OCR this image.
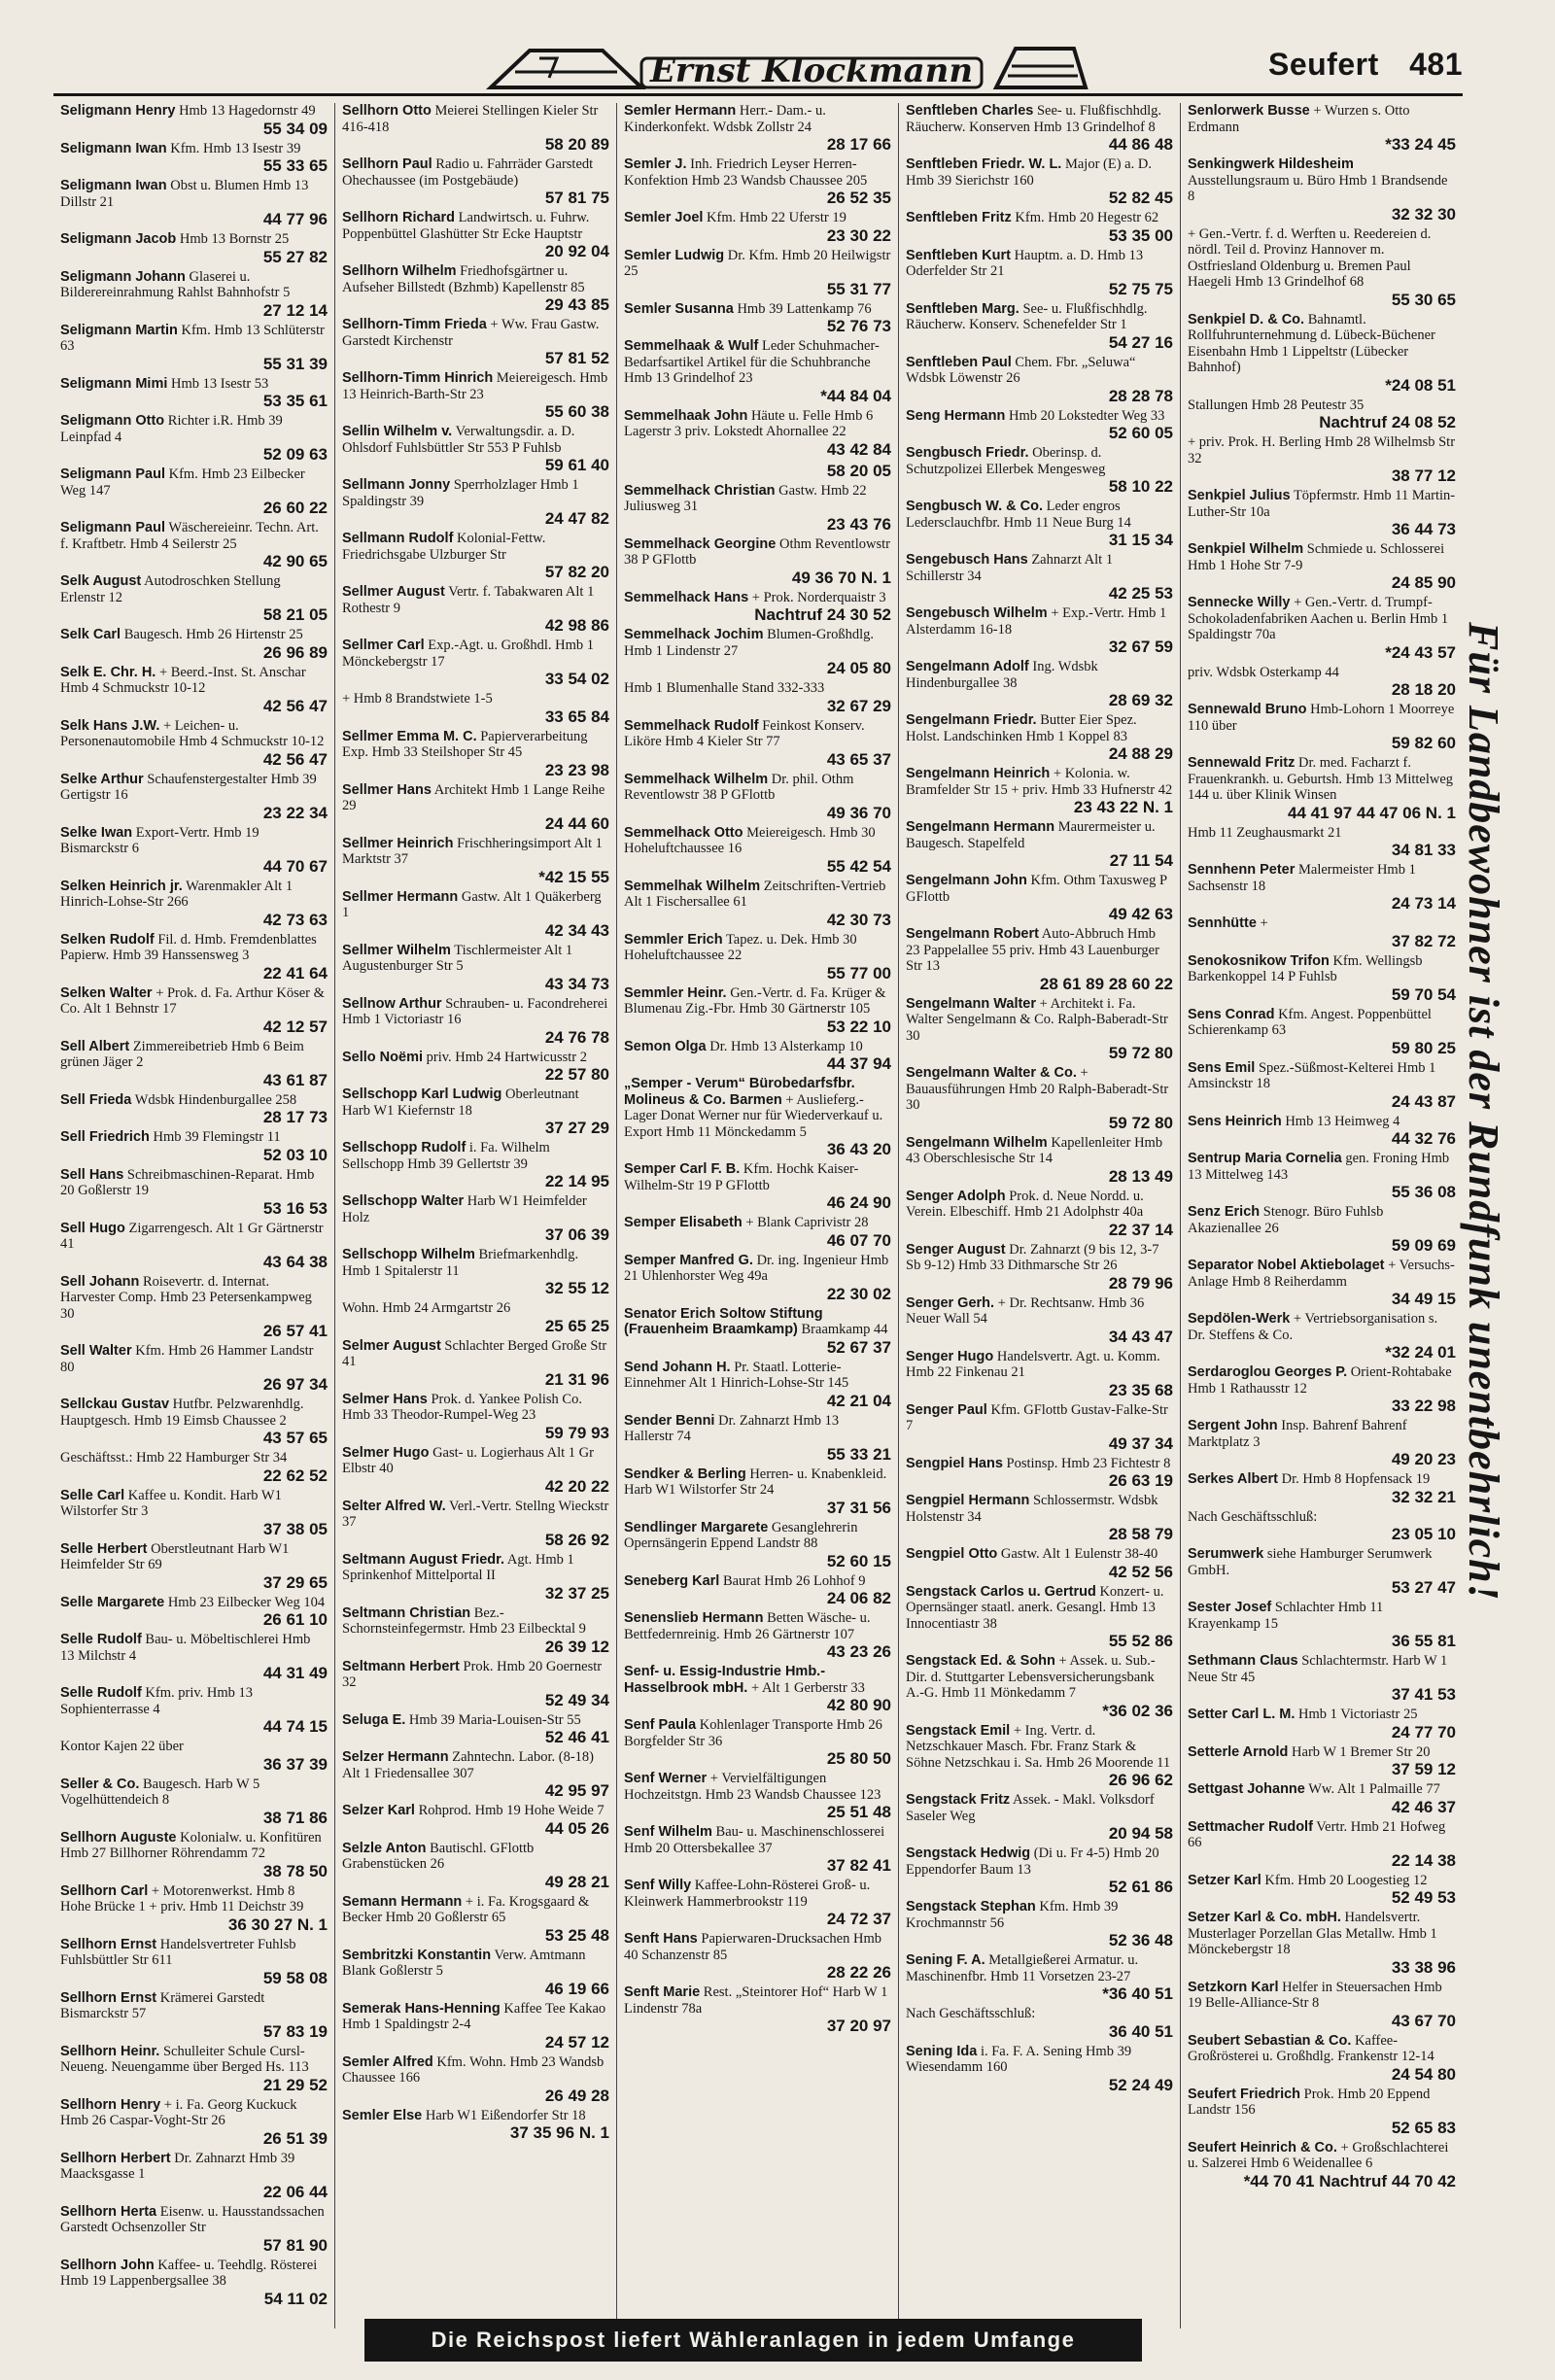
Ernst Klockmann	Seufert 481
Seligmann Henry Hmb 13 Hagedornstr 49
55 34 09
Seligmann Iwan Kfm. Hmb 13 Isestr 39
55 33 65
Seligmann Iwan Obst u. Blumen Hmb 13 Dillstr 21
44 77 96
Seligmann Jacob Hmb 13 Bornstr 25
55 27 82
Seligmann Johann Glaserei u. Bilderereinrahmung Rahlst Bahnhofstr 5
27 12 14
Seligmann Martin Kfm. Hmb 13 Schlüterstr 63
55 31 39
Seligmann Mimi Hmb 13 Isestr 53
53 35 61
Seligmann Otto Richter i.R. Hmb 39 Leinpfad 4
52 09 63
Seligmann Paul Kfm. Hmb 23 Eilbecker Weg 147
26 60 22
Seligmann Paul Wäschereieinr. Techn. Art. f. Kraftbetr. Hmb 4 Seilerstr 25
42 90 65
Selk August Autodroschken Stellung Erlenstr 12
58 21 05
Selk Carl Baugesch. Hmb 26 Hirtenstr 25
26 96 89
Selk E. Chr. H. + Beerd.-Inst. St. Anschar Hmb 4 Schmuckstr 10-12
42 56 47
Selk Hans J.W. + Leichen- u. Personenautomobile Hmb 4 Schmuckstr 10-12
42 56 47
Selke Arthur Schaufenstergestalter Hmb 39 Gertigstr 16
23 22 34
Selke Iwan Export-Vertr. Hmb 19 Bismarckstr 6
44 70 67
Selken Heinrich jr. Warenmakler Alt 1 Hinrich-Lohse-Str 266
42 73 63
Selken Rudolf Fil. d. Hmb. Fremdenblattes Papierw. Hmb 39 Hanssensweg 3
22 41 64
Selken Walter + Prok. d. Fa. Arthur Köser & Co. Alt 1 Behnstr 17
42 12 57
Sell Albert Zimmereibetrieb Hmb 6 Beim grünen Jäger 2
43 61 87
Sell Frieda Wdsbk Hindenburgallee 258
28 17 73
Sell Friedrich Hmb 39 Flemingstr 11
52 03 10
Sell Hans Schreibmaschinen-Reparat. Hmb 20 Goßlerstr 19
53 16 53
Sell Hugo Zigarrengesch. Alt 1 Gr Gärtnerstr 41
43 64 38
Sell Johann Roisevertr. d. Internat. Harvester Comp. Hmb 23 Petersenkampweg 30
26 57 41
Sell Walter Kfm. Hmb 26 Hammer Landstr 80
26 97 34
Sellckau Gustav Hutfbr. Pelzwarenhdlg. Hauptgesch. Hmb 19 Eimsb Chaussee 2
43 57 65
Geschäftsst.: Hmb 22 Hamburger Str 34
22 62 52
Selle Carl Kaffee u. Kondit. Harb W1 Wilstorfer Str 3
37 38 05
Selle Herbert Oberstleutnant Harb W1 Heimfelder Str 69
37 29 65
Selle Margarete Hmb 23 Eilbecker Weg 104
26 61 10
Selle Rudolf Bau- u. Möbeltischlerei Hmb 13 Milchstr 4
44 31 49
Selle Rudolf Kfm. priv. Hmb 13 Sophienterrasse 4
44 74 15
Kontor Kajen 22 über
36 37 39
Seller & Co. Baugesch. Harb W 5 Vogelhüttendeich 8
38 71 86
Sellhorn Auguste Kolonialw. u. Konfitüren Hmb 27 Billhorner Röhrendamm 72
38 78 50
Sellhorn Carl + Motorenwerkst. Hmb 8 Hohe Brücke 1 + priv. Hmb 11 Deichstr 39
36 30 27 N. 1
Sellhorn Ernst Handelsvertreter Fuhlsb Fuhlsbüttler Str 611
59 58 08
Sellhorn Ernst Krämerei Garstedt Bismarckstr 57
57 83 19
Sellhorn Heinr. Schulleiter Schule Cursl-Neueng. Neuengamme über Berged Hs. 113
21 29 52
Sellhorn Henry + i. Fa. Georg Kuckuck Hmb 26 Caspar-Voght-Str 26
26 51 39
Sellhorn Herbert Dr. Zahnarzt Hmb 39 Maacksgasse 1
22 06 44
Sellhorn Herta Eisenw. u. Hausstandssachen Garstedt Ochsenzoller Str
57 81 90
Sellhorn John Kaffee- u. Teehdlg. Rösterei Hmb 19 Lappenbergsallee 38
54 11 02
Sellhorn Otto Meierei Stellingen Kieler Str 416-418
58 20 89
Sellhorn Paul Radio u. Fahrräder Garstedt Ohechaussee (im Postgebäude)
57 81 75
Sellhorn Richard Landwirtsch. u. Fuhrw. Poppenbüttel Glashütter Str Ecke Hauptstr
20 92 04
Sellhorn Wilhelm Friedhofsgärtner u. Aufseher Billstedt (Bzhmb) Kapellenstr 85
29 43 85
Sellhorn-Timm Frieda + Ww. Frau Gastw. Garstedt Kirchenstr
57 81 52
Sellhorn-Timm Hinrich Meiereigesch. Hmb 13 Heinrich-Barth-Str 23
55 60 38
Sellin Wilhelm v. Verwaltungsdir. a. D. Ohlsdorf Fuhlsbüttler Str 553 P Fuhlsb
59 61 40
Sellmann Jonny Sperrholzlager Hmb 1 Spaldingstr 39
24 47 82
Sellmann Rudolf Kolonial-Fettw. Friedrichsgabe Ulzburger Str
57 82 20
Sellmer August Vertr. f. Tabakwaren Alt 1 Rothestr 9
42 98 86
Sellmer Carl Exp.-Agt. u. Großhdl. Hmb 1 Mönckebergstr 17
33 54 02
+ Hmb 8 Brandstwiete 1-5
33 65 84
Sellmer Emma M. C. Papierverarbeitung Exp. Hmb 33 Steilshoper Str 45
23 23 98
Sellmer Hans Architekt Hmb 1 Lange Reihe 29
24 44 60
Sellmer Heinrich Frischheringsimport Alt 1 Marktstr 37
*42 15 55
Sellmer Hermann Gastw. Alt 1 Quäkerberg 1
42 34 43
Sellmer Wilhelm Tischlermeister Alt 1 Augustenburger Str 5
43 34 73
Sellnow Arthur Schrauben- u. Facondreherei Hmb 1 Victoriastr 16
24 76 78
Sello Noëmi priv. Hmb 24 Hartwicusstr 2
22 57 80
Sellschopp Karl Ludwig Oberleutnant Harb W1 Kiefernstr 18
37 27 29
Sellschopp Rudolf i. Fa. Wilhelm Sellschopp Hmb 39 Gellertstr 39
22 14 95
Sellschopp Walter Harb W1 Heimfelder Holz
37 06 39
Sellschopp Wilhelm Briefmarkenhdlg. Hmb 1 Spitalerstr 11
32 55 12
Wohn. Hmb 24 Armgartstr 26
25 65 25
Selmer August Schlachter Berged Große Str 41
21 31 96
Selmer Hans Prok. d. Yankee Polish Co. Hmb 33 Theodor-Rumpel-Weg 23
59 79 93
Selmer Hugo Gast- u. Logierhaus Alt 1 Gr Elbstr 40
42 20 22
Selter Alfred W. Verl.-Vertr. Stellng Wieckstr 37
58 26 92
Seltmann August Friedr. Agt. Hmb 1 Sprinkenhof Mittelportal II
32 37 25
Seltmann Christian Bez.-Schornsteinfegermstr. Hmb 23 Eilbecktal 9
26 39 12
Seltmann Herbert Prok. Hmb 20 Goernestr 32
52 49 34
Seluga E. Hmb 39 Maria-Louisen-Str 55
52 46 41
Selzer Hermann Zahntechn. Labor. (8-18) Alt 1 Friedensallee 307
42 95 97
Selzer Karl Rohprod. Hmb 19 Hohe Weide 7
44 05 26
Selzle Anton Bautischl. GFlottb Grabenstücken 26
49 28 21
Semann Hermann + i. Fa. Krogsgaard & Becker Hmb 20 Goßlerstr 65
53 25 48
Sembritzki Konstantin Verw. Amtmann Blank Goßlerstr 5
46 19 66
Semerak Hans-Henning Kaffee Tee Kakao Hmb 1 Spaldingstr 2-4
24 57 12
Semler Alfred Kfm. Wohn. Hmb 23 Wandsb Chaussee 166
26 49 28
Semler Else Harb W1 Eißendorfer Str 18
37 35 96 N. 1
Semler Hermann Herr.- Dam.- u. Kinderkonfekt. Wdsbk Zollstr 24
28 17 66
Semler J. Inh. Friedrich Leyser Herren-Konfektion Hmb 23 Wandsb Chaussee 205
26 52 35
Semler Joel Kfm. Hmb 22 Uferstr 19
23 30 22
Semler Ludwig Dr. Kfm. Hmb 20 Heilwigstr 25
55 31 77
Semler Susanna Hmb 39 Lattenkamp 76
52 76 73
Semmelhaak & Wulf Leder Schuhmacher-Bedarfsartikel Artikel für die Schuhbranche Hmb 13 Grindelhof 23
*44 84 04
Semmelhaak John Häute u. Felle Hmb 6 Lagerstr 3 priv. Lokstedt Ahornallee 22
43 42 84
58 20 05
Semmelhack Christian Gastw. Hmb 22 Juliusweg 31
23 43 76
Semmelhack Georgine Othm Reventlowstr 38 P GFlottb
49 36 70 N. 1
Semmelhack Hans + Prok. Norderquaistr 3
Nachtruf 24 30 52
Semmelhack Jochim Blumen-Großhdlg. Hmb 1 Lindenstr 27
24 05 80
Hmb 1 Blumenhalle Stand 332-333
32 67 29
Semmelhack Rudolf Feinkost Konserv. Liköre Hmb 4 Kieler Str 77
43 65 37
Semmelhack Wilhelm Dr. phil. Othm Reventlowstr 38 P GFlottb
49 36 70
Semmelhack Otto Meiereigesch. Hmb 30 Hoheluftchaussee 16
55 42 54
Semmelhak Wilhelm Zeitschriften-Vertrieb Alt 1 Fischersallee 61
42 30 73
Semmler Erich Tapez. u. Dek. Hmb 30 Hoheluftchaussee 22
55 77 00
Semmler Heinr. Gen.-Vertr. d. Fa. Krüger & Blumenau Zig.-Fbr. Hmb 30 Gärtnerstr 105
53 22 10
Semon Olga Dr. Hmb 13 Alsterkamp 10
44 37 94
„Semper - Verum“ Bürobedarfsfbr. Molineus & Co. Barmen + Auslieferg.-Lager Donat Werner nur für Wiederverkauf u. Export Hmb 11 Mönckedamm 5
36 43 20
Semper Carl F. B. Kfm. Hochk Kaiser-Wilhelm-Str 19 P GFlottb
46 24 90
Semper Elisabeth + Blank Caprivistr 28
46 07 70
Semper Manfred G. Dr. ing. Ingenieur Hmb 21 Uhlenhorster Weg 49a
22 30 02
Senator Erich Soltow Stiftung (Frauenheim Braamkamp) Braamkamp 44
52 67 37
Send Johann H. Pr. Staatl. Lotterie-Einnehmer Alt 1 Hinrich-Lohse-Str 145
42 21 04
Sender Benni Dr. Zahnarzt Hmb 13 Hallerstr 74
55 33 21
Sendker & Berling Herren- u. Knabenkleid. Harb W1 Wilstorfer Str 24
37 31 56
Sendlinger Margarete Gesanglehrerin Opernsängerin Eppend Landstr 88
52 60 15
Seneberg Karl Baurat Hmb 26 Lohhof 9
24 06 82
Senenslieb Hermann Betten Wäsche- u. Bettfedernreinig. Hmb 26 Gärtnerstr 107
43 23 26
Senf- u. Essig-Industrie Hmb.-Hasselbrook mbH. + Alt 1 Gerberstr 33
42 80 90
Senf Paula Kohlenlager Transporte Hmb 26 Borgfelder Str 36
25 80 50
Senf Werner + Vervielfältigungen Hochzeitstgn. Hmb 23 Wandsb Chaussee 123
25 51 48
Senf Wilhelm Bau- u. Maschinenschlosserei Hmb 20 Ottersbekallee 37
37 82 41
Senf Willy Kaffee-Lohn-Rösterei Groß- u. Kleinwerk Hammerbrookstr 119
24 72 37
Senft Hans Papierwaren-Drucksachen Hmb 40 Schanzenstr 85
28 22 26
Senft Marie Rest. „Steintorer Hof“ Harb W 1 Lindenstr 78a
37 20 97
Senftleben Charles See- u. Flußfischhdlg. Räucherw. Konserven Hmb 13 Grindelhof 8
44 86 48
Senftleben Friedr. W. L. Major (E) a. D. Hmb 39 Sierichstr 160
52 82 45
Senftleben Fritz Kfm. Hmb 20 Hegestr 62
53 35 00
Senftleben Kurt Hauptm. a. D. Hmb 13 Oderfelder Str 21
52 75 75
Senftleben Marg. See- u. Flußfischhdlg. Räucherw. Konserv. Schenefelder Str 1
54 27 16
Senftleben Paul Chem. Fbr. „Seluwa“ Wdsbk Löwenstr 26
28 28 78
Seng Hermann Hmb 20 Lokstedter Weg 33
52 60 05
Sengbusch Friedr. Oberinsp. d. Schutzpolizei Ellerbek Mengesweg
58 10 22
Sengbusch W. & Co. Leder engros Ledersclauchfbr. Hmb 11 Neue Burg 14
31 15 34
Sengebusch Hans Zahnarzt Alt 1 Schillerstr 34
42 25 53
Sengebusch Wilhelm + Exp.-Vertr. Hmb 1 Alsterdamm 16-18
32 67 59
Sengelmann Adolf Ing. Wdsbk Hindenburgallee 38
28 69 32
Sengelmann Friedr. Butter Eier Spez. Holst. Landschinken Hmb 1 Koppel 83
24 88 29
Sengelmann Heinrich + Kolonia. w. Bramfelder Str 15 + priv. Hmb 33 Hufnerstr 42
23 43 22 N. 1
Sengelmann Hermann Maurermeister u. Baugesch. Stapelfeld
27 11 54
Sengelmann John Kfm. Othm Taxusweg P GFlottb
49 42 63
Sengelmann Robert Auto-Abbruch Hmb 23 Pappelallee 55 priv. Hmb 43 Lauenburger Str 13
28 61 89 28 60 22
Sengelmann Walter + Architekt i. Fa. Walter Sengelmann & Co. Ralph-Baberadt-Str 30
59 72 80
Sengelmann Walter & Co. + Bauausführungen Hmb 20 Ralph-Baberadt-Str 30
59 72 80
Sengelmann Wilhelm Kapellenleiter Hmb 43 Oberschlesische Str 14
28 13 49
Senger Adolph Prok. d. Neue Nordd. u. Verein. Elbeschiff. Hmb 21 Adolphstr 40a
22 37 14
Senger August Dr. Zahnarzt (9 bis 12, 3-7 Sb 9-12) Hmb 33 Dithmarsche Str 26
28 79 96
Senger Gerh. + Dr. Rechtsanw. Hmb 36 Neuer Wall 54
34 43 47
Senger Hugo Handelsvertr. Agt. u. Komm. Hmb 22 Finkenau 21
23 35 68
Senger Paul Kfm. GFlottb Gustav-Falke-Str 7
49 37 34
Sengpiel Hans Postinsp. Hmb 23 Fichtestr 8
26 63 19
Sengpiel Hermann Schlossermstr. Wdsbk Holstenstr 34
28 58 79
Sengpiel Otto Gastw. Alt 1 Eulenstr 38-40
42 52 56
Sengstack Carlos u. Gertrud Konzert- u. Opernsänger staatl. anerk. Gesangl. Hmb 13 Innocentiastr 38
55 52 86
Sengstack Ed. & Sohn + Assek. u. Sub.-Dir. d. Stuttgarter Lebensversicherungsbank A.-G. Hmb 11 Mönkedamm 7
*36 02 36
Sengstack Emil + Ing. Vertr. d. Netzschkauer Masch. Fbr. Franz Stark & Söhne Netzschkau i. Sa. Hmb 26 Moorende 11
26 96 62
Sengstack Fritz Assek. - Makl. Volksdorf Saseler Weg
20 94 58
Sengstack Hedwig (Di u. Fr 4-5) Hmb 20 Eppendorfer Baum 13
52 61 86
Sengstack Stephan Kfm. Hmb 39 Krochmannstr 56
52 36 48
Sening F. A. Metallgießerei Armatur. u. Maschinenfbr. Hmb 11 Vorsetzen 23-27
*36 40 51
Nach Geschäftsschluß:
36 40 51
Sening Ida i. Fa. F. A. Sening Hmb 39 Wiesendamm 160
52 24 49
Senlorwerk Busse + Wurzen s. Otto Erdmann
*33 24 45
Senkingwerk Hildesheim Ausstellungsraum u. Büro Hmb 1 Brandsende 8
32 32 30
+ Gen.-Vertr. f. d. Werften u. Reedereien d. nördl. Teil d. Provinz Hannover m. Ostfriesland Oldenburg u. Bremen Paul Haegeli Hmb 13 Grindelhof 68
55 30 65
Senkpiel D. & Co. Bahnamtl. Rollfuhrunternehmung d. Lübeck-Büchener Eisenbahn Hmb 1 Lippeltstr (Lübecker Bahnhof)
*24 08 51
Stallungen Hmb 28 Peutestr 35
Nachtruf 24 08 52
+ priv. Prok. H. Berling Hmb 28 Wilhelmsb Str 32
38 77 12
Senkpiel Julius Töpfermstr. Hmb 11 Martin-Luther-Str 10a
36 44 73
Senkpiel Wilhelm Schmiede u. Schlosserei Hmb 1 Hohe Str 7-9
24 85 90
Sennecke Willy + Gen.-Vertr. d. Trumpf-Schokoladenfabriken Aachen u. Berlin Hmb 1 Spaldingstr 70a
*24 43 57
priv. Wdsbk Osterkamp 44
28 18 20
Sennewald Bruno Hmb-Lohorn 1 Moorreye 110 über
59 82 60
Sennewald Fritz Dr. med. Facharzt f. Frauenkrankh. u. Geburtsh. Hmb 13 Mittelweg 144 u. über Klinik Winsen
44 41 97 44 47 06 N. 1
Hmb 11 Zeughausmarkt 21
34 81 33
Sennhenn Peter Malermeister Hmb 1 Sachsenstr 18
24 73 14
Sennhütte +
37 82 72
Senokosnikow Trifon Kfm. Wellingsb Barkenkoppel 14 P Fuhlsb
59 70 54
Sens Conrad Kfm. Angest. Poppenbüttel Schierenkamp 63
59 80 25
Sens Emil Spez.-Süßmost-Kelterei Hmb 1 Amsinckstr 18
24 43 87
Sens Heinrich Hmb 13 Heimweg 4
44 32 76
Sentrup Maria Cornelia gen. Froning Hmb 13 Mittelweg 143
55 36 08
Senz Erich Stenogr. Büro Fuhlsb Akazienallee 26
59 09 69
Separator Nobel Aktiebolaget + Versuchs-Anlage Hmb 8 Reiherdamm
34 49 15
Sepdölen-Werk + Vertriebsorganisation s. Dr. Steffens & Co.
*32 24 01
Serdaroglou Georges P. Orient-Rohtabake Hmb 1 Rathausstr 12
33 22 98
Sergent John Insp. Bahrenf Bahrenf Marktplatz 3
49 20 23
Serkes Albert Dr. Hmb 8 Hopfensack 19
32 32 21
Nach Geschäftsschluß:
23 05 10
Serumwerk siehe Hamburger Serumwerk GmbH.
53 27 47
Sester Josef Schlachter Hmb 11 Krayenkamp 15
36 55 81
Sethmann Claus Schlachtermstr. Harb W 1 Neue Str 45
37 41 53
Setter Carl L. M. Hmb 1 Victoriastr 25
24 77 70
Setterle Arnold Harb W 1 Bremer Str 20
37 59 12
Settgast Johanne Ww. Alt 1 Palmaille 77
42 46 37
Settmacher Rudolf Vertr. Hmb 21 Hofweg 66
22 14 38
Setzer Karl Kfm. Hmb 20 Loogestieg 12
52 49 53
Setzer Karl & Co. mbH. Handelsvertr. Musterlager Porzellan Glas Metallw. Hmb 1 Mönckebergstr 18
33 38 96
Setzkorn Karl Helfer in Steuersachen Hmb 19 Belle-Alliance-Str 8
43 67 70
Seubert Sebastian & Co. Kaffee-Großrösterei u. Großhdlg. Frankenstr 12-14
24 54 80
Seufert Friedrich Prok. Hmb 20 Eppend Landstr 156
52 65 83
Seufert Heinrich & Co. + Großschlachterei u. Salzerei Hmb 6 Weidenallee 6
*44 70 41 Nachtruf 44 70 42
Für Landbewohner ist der Rundfunk unentbehrlich!
Die Reichspost liefert Wähleranlagen in jedem Umfange
